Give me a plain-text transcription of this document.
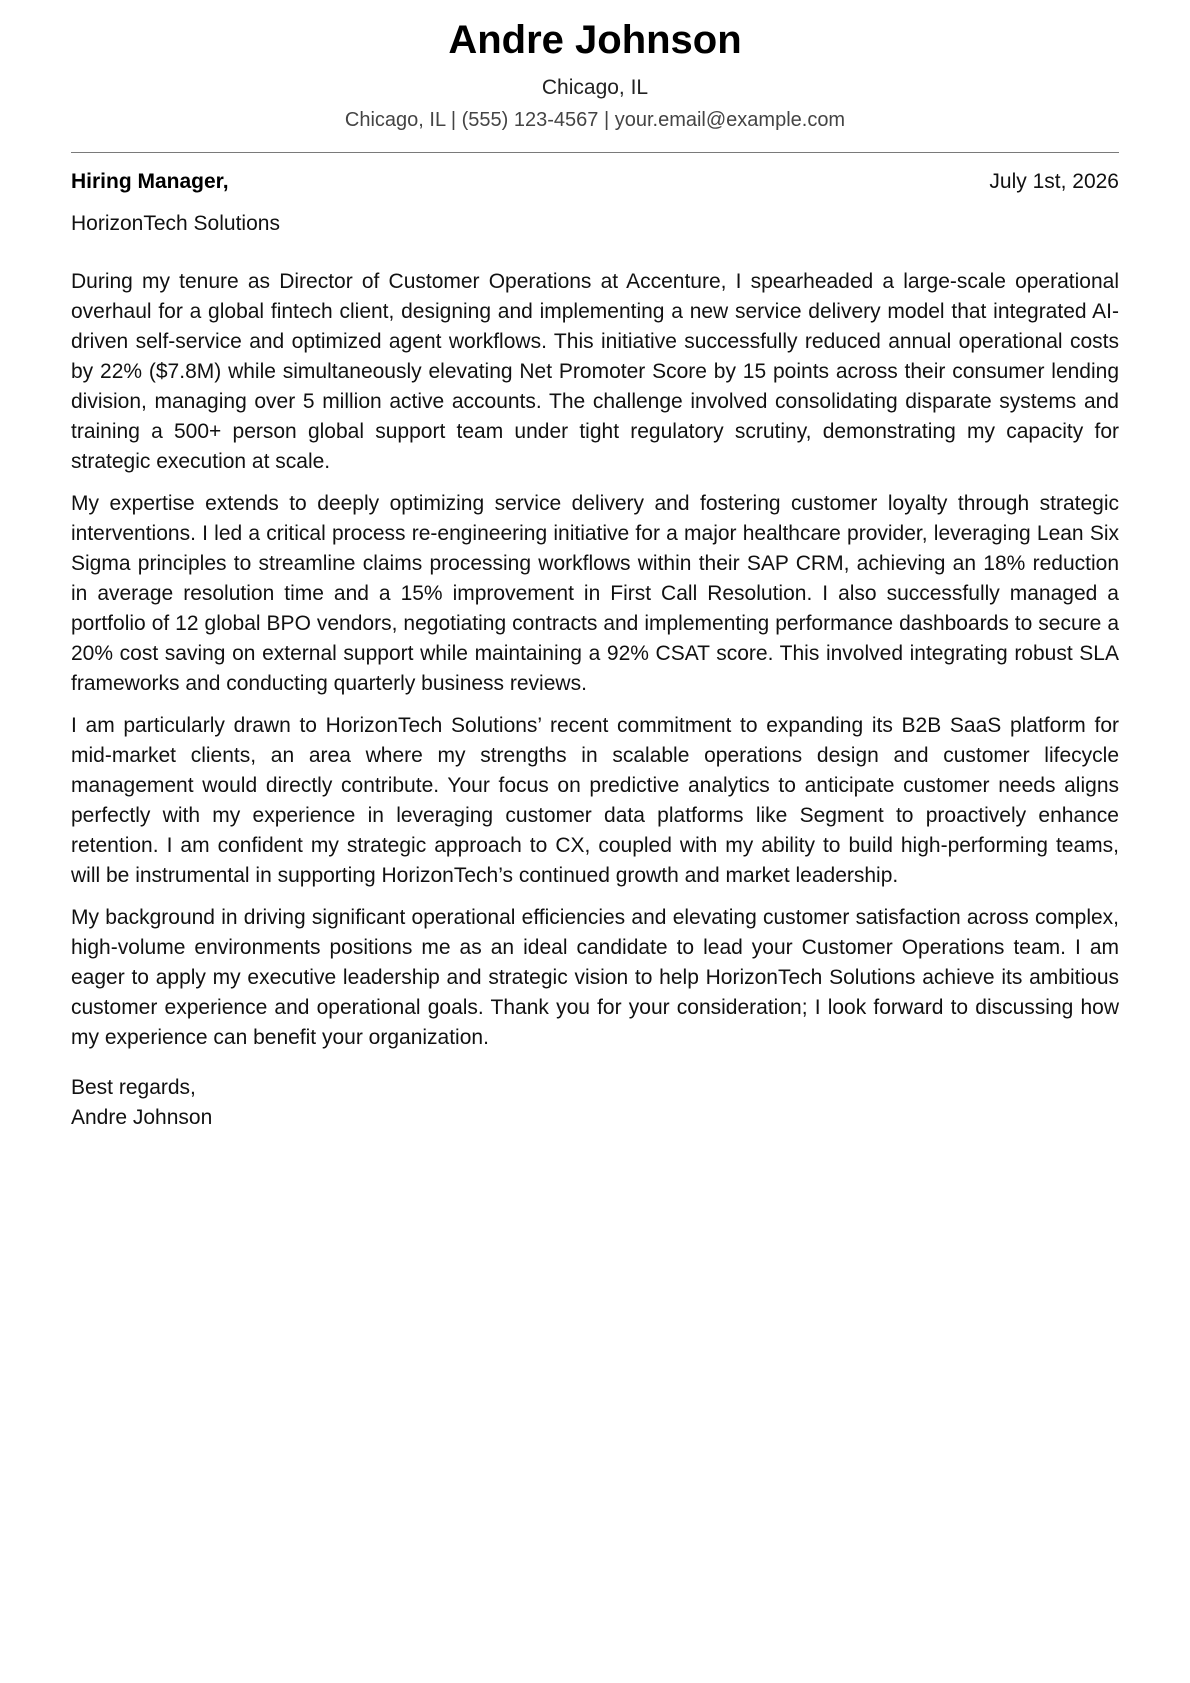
Andre Johnson
Chicago, IL
Chicago, IL | (555) 123-4567 | your.email@example.com
Hiring Manager,	July 1st, 2026
HorizonTech Solutions

During my tenure as Director of Customer Operations at Accenture, I spearheaded a large-scale operational overhaul for a global fintech client, designing and implementing a new service delivery model that integrated AI-driven self-service and optimized agent workflows. This initiative successfully reduced annual operational costs by 22% ($7.8M) while simultaneously elevating Net Promoter Score by 15 points across their consumer lending division, managing over 5 million active accounts. The challenge involved consolidating disparate systems and training a 500+ person global support team under tight regulatory scrutiny, demonstrating my capacity for strategic execution at scale.

My expertise extends to deeply optimizing service delivery and fostering customer loyalty through strategic interventions. I led a critical process re-engineering initiative for a major healthcare provider, leveraging Lean Six Sigma principles to streamline claims processing workflows within their SAP CRM, achieving an 18% reduction in average resolution time and a 15% improvement in First Call Resolution. I also successfully managed a portfolio of 12 global BPO vendors, negotiating contracts and implementing performance dashboards to secure a 20% cost saving on external support while maintaining a 92% CSAT score. This involved integrating robust SLA frameworks and conducting quarterly business reviews.

I am particularly drawn to HorizonTech Solutions’ recent commitment to expanding its B2B SaaS platform for mid-market clients, an area where my strengths in scalable operations design and customer lifecycle management would directly contribute. Your focus on predictive analytics to anticipate customer needs aligns perfectly with my experience in leveraging customer data platforms like Segment to proactively enhance retention. I am confident my strategic approach to CX, coupled with my ability to build high-performing teams, will be instrumental in supporting HorizonTech’s continued growth and market leadership.

My background in driving significant operational efficiencies and elevating customer satisfaction across complex, high-volume environments positions me as an ideal candidate to lead your Customer Operations team. I am eager to apply my executive leadership and strategic vision to help HorizonTech Solutions achieve its ambitious customer experience and operational goals. Thank you for your consideration; I look forward to discussing how my experience can benefit your organization.

Best regards,
Andre Johnson
